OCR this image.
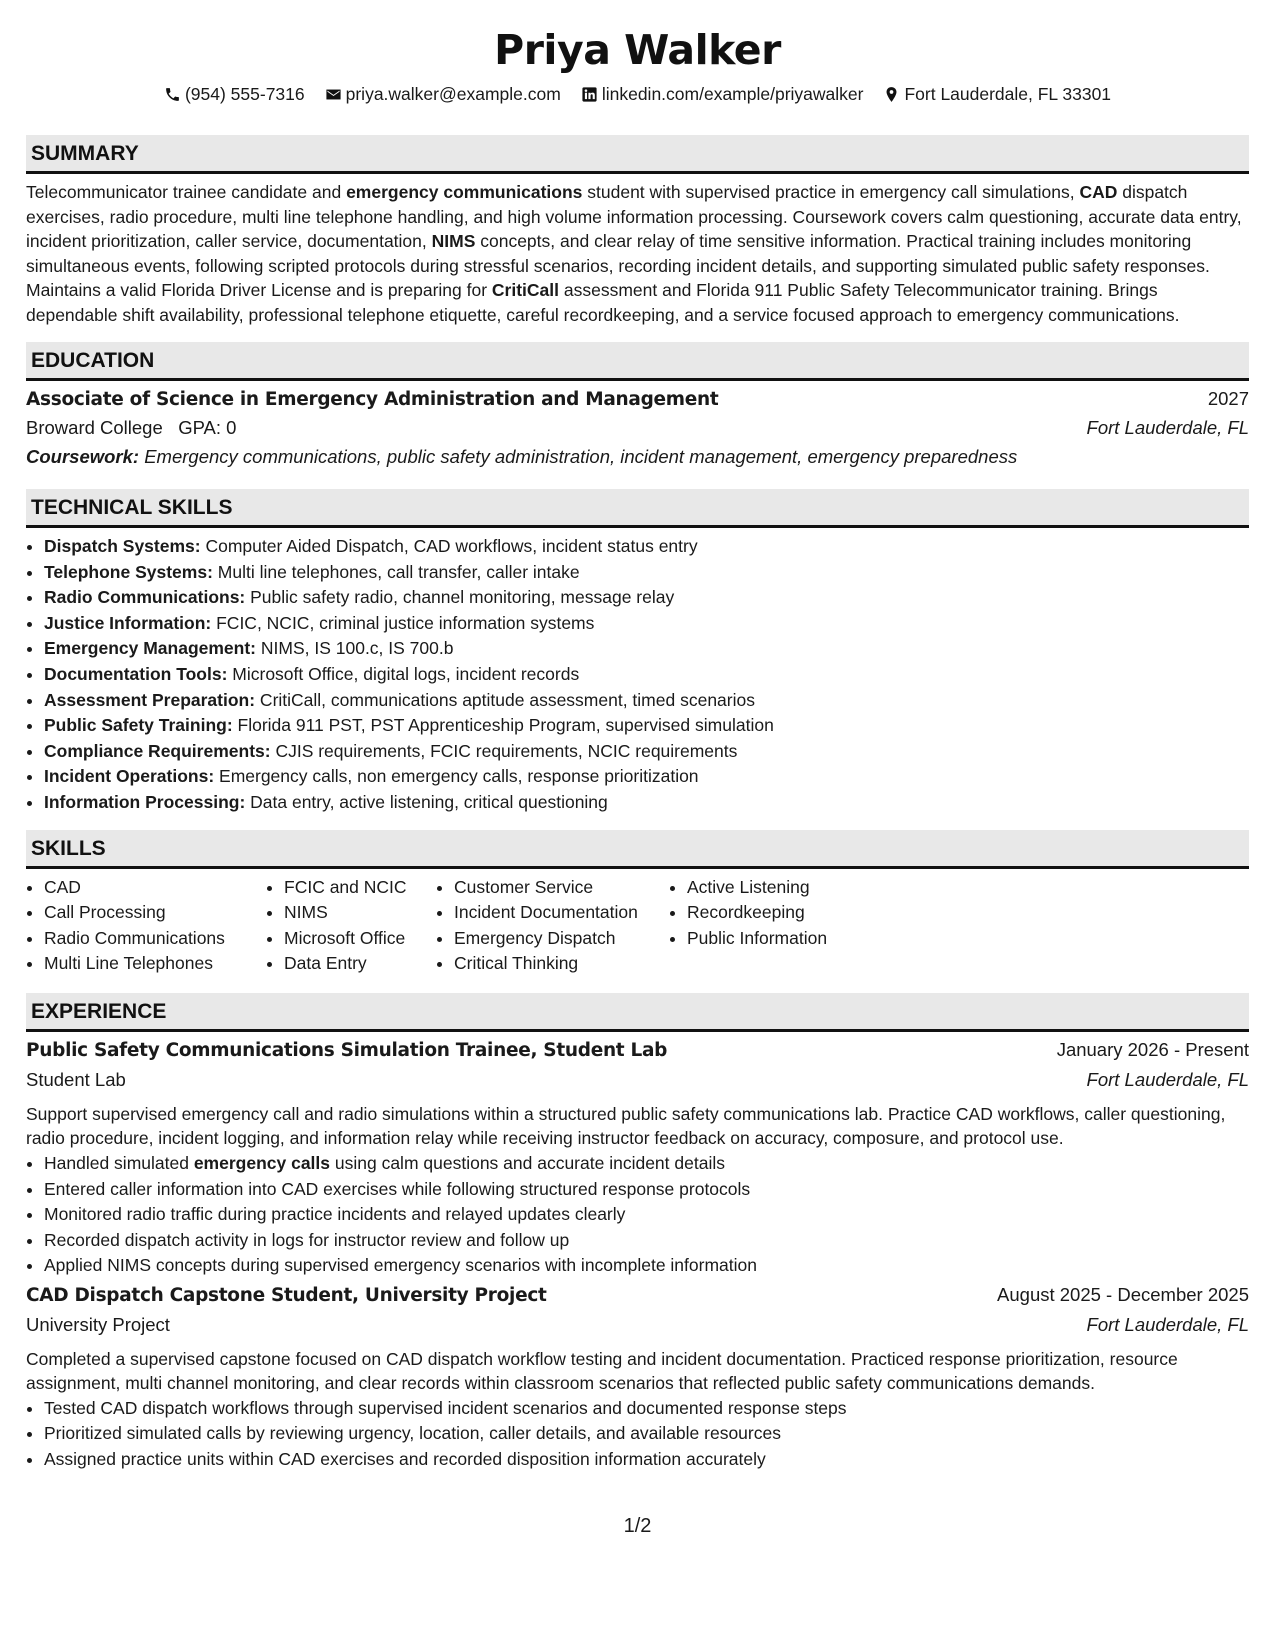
Priya Walker
(954) 555-7316 priya.walker@example.com linkedin.com/example/priyawalker Fort Lauderdale, FL 33301
SUMMARY

Telecommunicator trainee candidate and emergency communications student with supervised practice in emergency call simulations, CAD dispatch exercises, radio procedure, multi line telephone handling, and high volume information processing. Coursework covers calm questioning, accurate data entry, incident prioritization, caller service, documentation, NIMS concepts, and clear relay of time sensitive information. Practical training includes monitoring simultaneous events, following scripted protocols during stressful scenarios, recording incident details, and supporting simulated public safety responses. Maintains a valid Florida Driver License and is preparing for CritiCall assessment and Florida 911 Public Safety Telecommunicator training. Brings dependable shift availability, professional telephone etiquette, careful recordkeeping, and a service focused approach to emergency communications.

EDUCATION
Associate of Science in Emergency Administration and Management	2027
Broward College GPA: 0	Fort Lauderdale, FL
Coursework: Emergency communications, public safety administration, incident management, emergency preparedness
TECHNICAL SKILLS
• Dispatch Systems: Computer Aided Dispatch, CAD workflows, incident status entry
• Telephone Systems: Multi line telephones, call transfer, caller intake
• Radio Communications: Public safety radio, channel monitoring, message relay
• Justice Information: FCIC, NCIC, criminal justice information systems
• Emergency Management: NIMS, IS 100.c, IS 700.b
• Documentation Tools: Microsoft Office, digital logs, incident records
• Assessment Preparation: CritiCall, communications aptitude assessment, timed scenarios
• Public Safety Training: Florida 911 PST, PST Apprenticeship Program, supervised simulation
• Compliance Requirements: CJIS requirements, FCIC requirements, NCIC requirements
• Incident Operations: Emergency calls, non emergency calls, response prioritization
• Information Processing: Data entry, active listening, critical questioning
SKILLS
• CAD
• Call Processing
• Radio Communications
• Multi Line Telephones
• FCIC and NCIC
• NIMS
• Microsoft Office
• Data Entry
• Customer Service
• Incident Documentation
• Emergency Dispatch
• Critical Thinking
• Active Listening
• Recordkeeping
• Public Information
EXPERIENCE
Public Safety Communications Simulation Trainee, Student Lab	January 2026 - Present
Student Lab	Fort Lauderdale, FL

Support supervised emergency call and radio simulations within a structured public safety communications lab. Practice CAD workflows, caller questioning, radio procedure, incident logging, and information relay while receiving instructor feedback on accuracy, composure, and protocol use.

• Handled simulated emergency calls using calm questions and accurate incident details
• Entered caller information into CAD exercises while following structured response protocols
• Monitored radio traffic during practice incidents and relayed updates clearly
• Recorded dispatch activity in logs for instructor review and follow up
• Applied NIMS concepts during supervised emergency scenarios with incomplete information
CAD Dispatch Capstone Student, University Project	August 2025 - December 2025
University Project	Fort Lauderdale, FL

Completed a supervised capstone focused on CAD dispatch workflow testing and incident documentation. Practiced response prioritization, resource assignment, multi channel monitoring, and clear records within classroom scenarios that reflected public safety communications demands.

• Tested CAD dispatch workflows through supervised incident scenarios and documented response steps
• Prioritized simulated calls by reviewing urgency, location, caller details, and available resources
• Assigned practice units within CAD exercises and recorded disposition information accurately
1/2
